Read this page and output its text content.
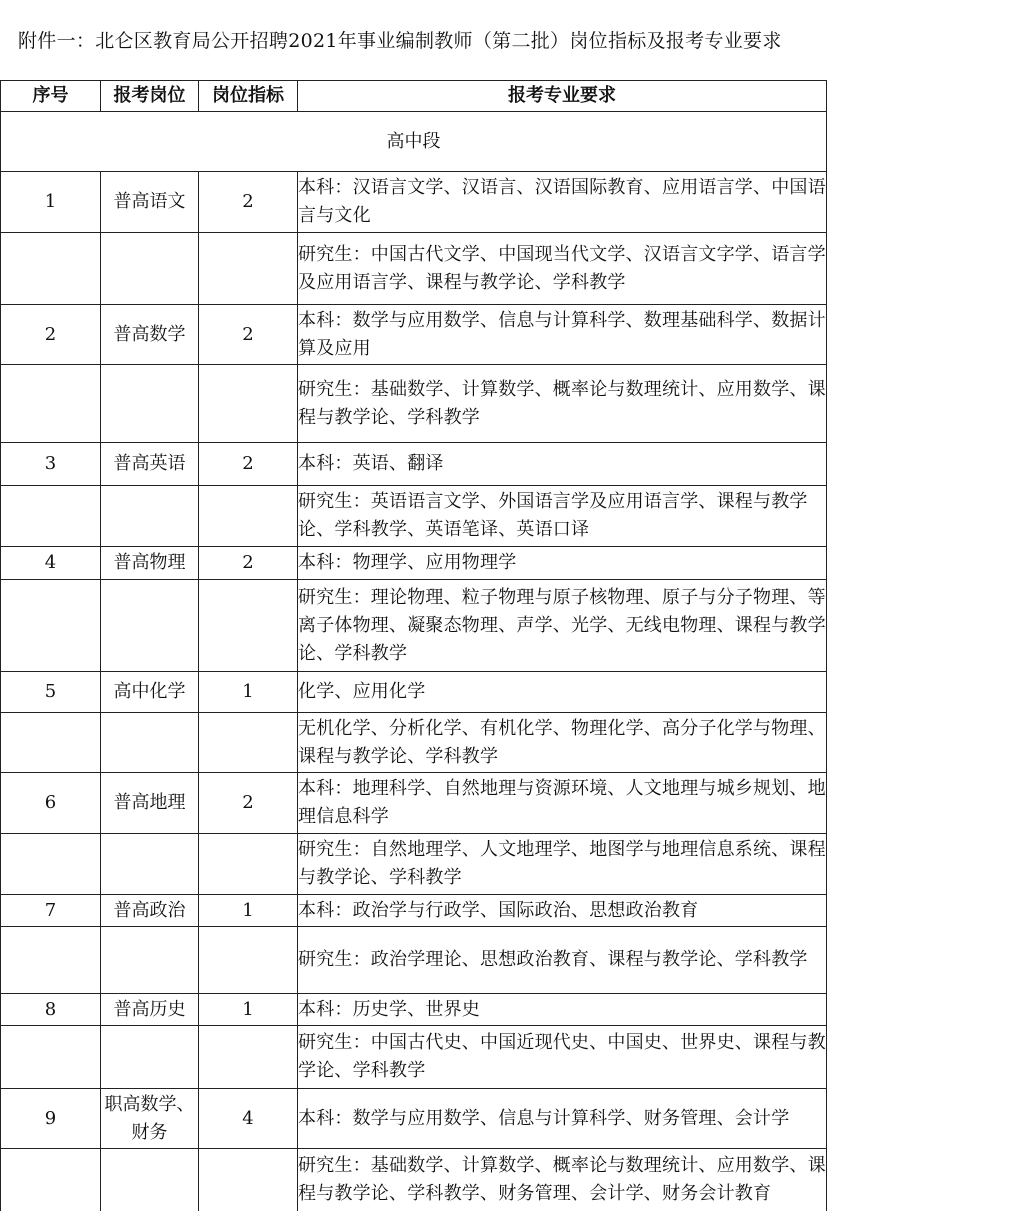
附件一：北仑区教育局公开招聘2021年事业编制教师（第二批）岗位指标及报考专业要求
序号	报考岗位	岗位指标	报考专业要求
高中段			
1	普高语文	2	本科：汉语言文学、汉语言、汉语国际教育、应用语言学、中国语言与文化
			研究生：中国古代文学、中国现当代文学、汉语言文字学、语言学及应用语言学、课程与教学论、学科教学
2	普高数学	2	本科：数学与应用数学、信息与计算科学、数理基础科学、数据计算及应用
			研究生：基础数学、计算数学、概率论与数理统计、应用数学、课程与教学论、学科教学
3	普高英语	2	本科：英语、翻译
			研究生：英语语言文学、外国语言学及应用语言学、课程与教学论、学科教学、英语笔译、英语口译
4	普高物理	2	本科：物理学、应用物理学
			研究生：理论物理、粒子物理与原子核物理、原子与分子物理、等离子体物理、凝聚态物理、声学、光学、无线电物理、课程与教学论、学科教学
5	高中化学	1	化学、应用化学
			无机化学、分析化学、有机化学、物理化学、高分子化学与物理、课程与教学论、学科教学
6	普高地理	2	本科：地理科学、自然地理与资源环境、人文地理与城乡规划、地理信息科学
			研究生：自然地理学、人文地理学、地图学与地理信息系统、课程与教学论、学科教学
7	普高政治	1	本科：政治学与行政学、国际政治、思想政治教育
			研究生：政治学理论、思想政治教育、课程与教学论、学科教学
8	普高历史	1	本科：历史学、世界史
			研究生：中国古代史、中国近现代史、中国史、世界史、课程与教学论、学科教学
9	职高数学、财务	4	本科：数学与应用数学、信息与计算科学、财务管理、会计学
			研究生：基础数学、计算数学、概率论与数理统计、应用数学、课程与教学论、学科教学、财务管理、会计学、财务会计教育
